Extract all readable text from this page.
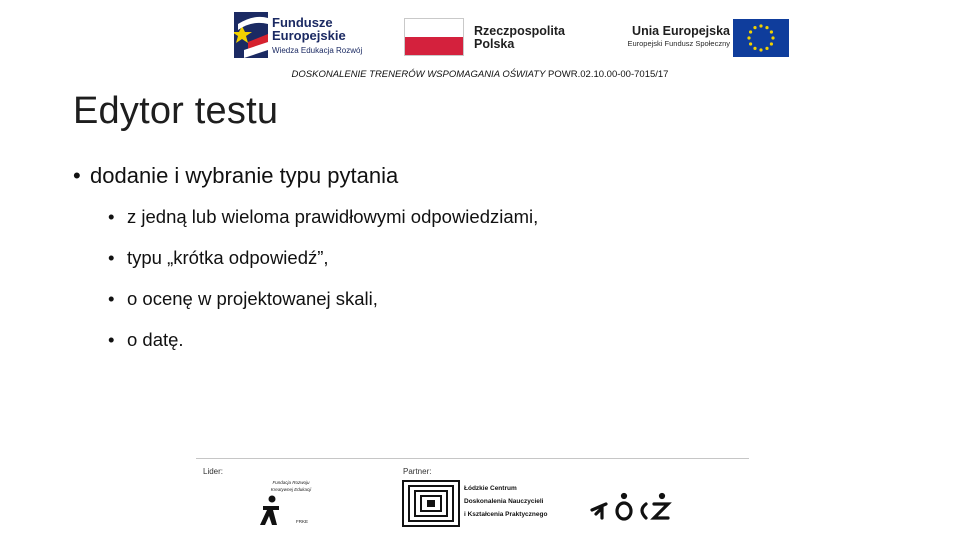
Fundusze
Europejskie
Wiedza Edukacja Rozwój
Rzeczpospolita
Polska
Unia Europejska
Europejski Fundusz Społeczny
DOSKONALENIE TRENERÓW WSPOMAGANIA OŚWIATY POWR.02.10.00-00-7015/17
Edytor testu
• dodanie i wybranie typu pytania
• z jedną lub wieloma prawidłowymi odpowiedziami,
• typu „krótka odpowiedź”,
• o ocenę w projektowanej skali,
• o datę.
Lider:	Partner:
Fundacja Rozwoju
Kreatywnej Edukacji
FRKE
Łódzkie Centrum
Doskonalenia Nauczycieli
i Kształcenia Praktycznego
